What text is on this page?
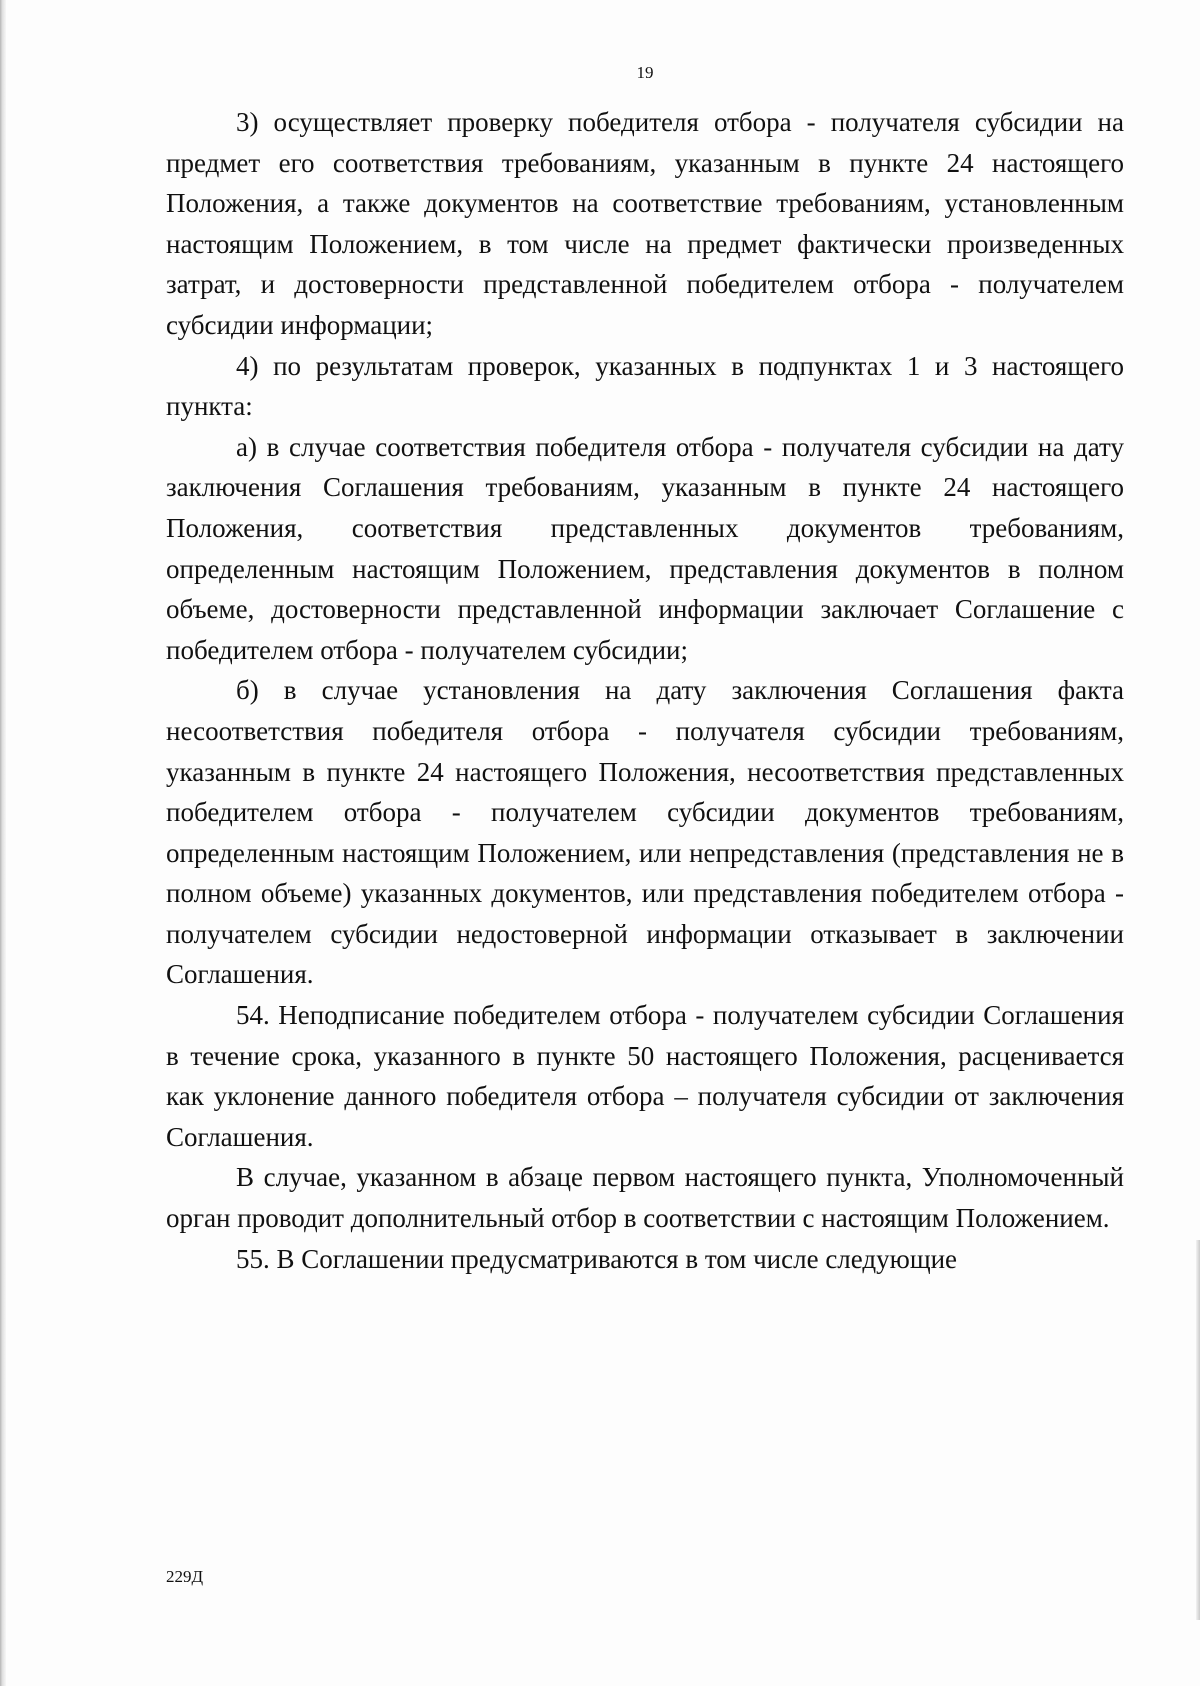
19

3) осуществляет проверку победителя отбора - получателя субсидии на предмет его соответствия требованиям, указанным в пункте 24 настоящего Положения, а также документов на соответствие требованиям, установленным настоящим Положением, в том числе на предмет фактически произведенных затрат, и достоверности представленной победителем отбора - получателем субсидии информации;

4) по результатам проверок, указанных в подпунктах 1 и 3 настоящего пункта:

а) в случае соответствия победителя отбора - получателя субсидии на дату заключения Соглашения требованиям, указанным в пункте 24 настоящего Положения, соответствия представленных документов требованиям, определенным настоящим Положением, представления документов в полном объеме, достоверности представленной информации заключает Соглашение с победителем отбора - получателем субсидии;

б) в случае установления на дату заключения Соглашения факта несоответствия победителя отбора - получателя субсидии требованиям, указанным в пункте 24 настоящего Положения, несоответствия представленных победителем отбора - получателем субсидии документов требованиям, определенным настоящим Положением, или непредставления (представления не в полном объеме) указанных документов, или представления победителем отбора - получателем субсидии недостоверной информации отказывает в заключении Соглашения.

54. Неподписание победителем отбора - получателем субсидии Соглашения в течение срока, указанного в пункте 50 настоящего Положения, расценивается как уклонение данного победителя отбора – получателя субсидии от заключения Соглашения.

В случае, указанном в абзаце первом настоящего пункта, Уполномоченный орган проводит дополнительный отбор в соответствии с настоящим Положением.

55. В Соглашении предусматриваются в том числе следующие

229Д
